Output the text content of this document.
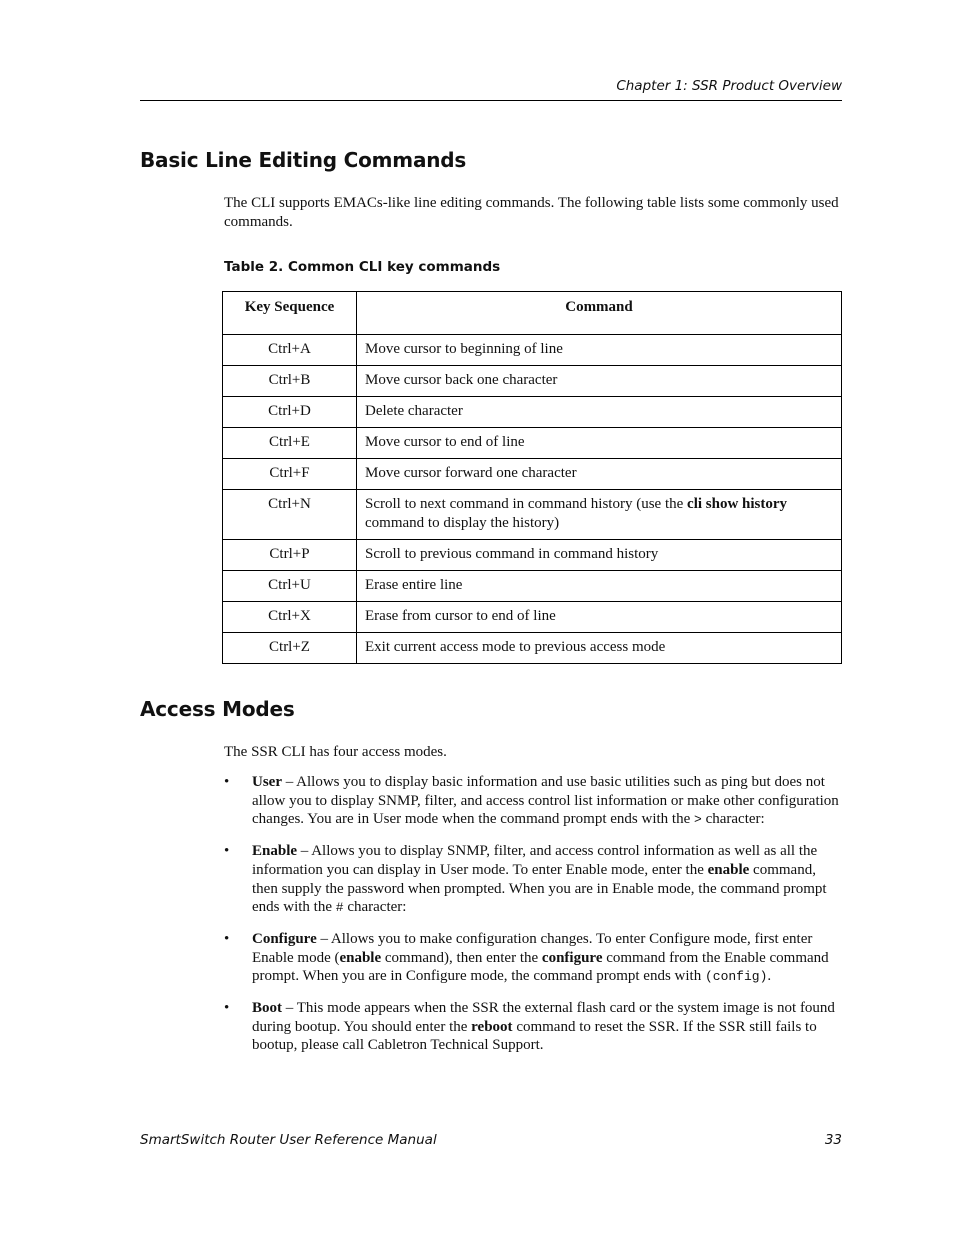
Chapter 1: SSR Product Overview
Basic Line Editing Commands

The CLI supports EMACs-like line editing commands. The following table lists some commonly used commands.

Table 2. Common CLI key commands
Key Sequence	Command
Ctrl+A	Move cursor to beginning of line
Ctrl+B	Move cursor back one character
Ctrl+D	Delete character
Ctrl+E	Move cursor to end of line
Ctrl+F	Move cursor forward one character
Ctrl+N	Scroll to next command in command history (use the cli show history command to display the history)
Ctrl+P	Scroll to previous command in command history
Ctrl+U	Erase entire line
Ctrl+X	Erase from cursor to end of line
Ctrl+Z	Exit current access mode to previous access mode
Access Modes

The SSR CLI has four access modes.

• User – Allows you to display basic information and use basic utilities such as ping but does not allow you to display SNMP, filter, and access control list information or make other configuration changes. You are in User mode when the command prompt ends with the > character:
• Enable – Allows you to display SNMP, filter, and access control information as well as all the information you can display in User mode. To enter Enable mode, enter the enable command, then supply the password when prompted. When you are in Enable mode, the command prompt ends with the # character:
• Configure – Allows you to make configuration changes. To enter Configure mode, first enter Enable mode (enable command), then enter the configure command from the Enable command prompt. When you are in Configure mode, the command prompt ends with (config).
• Boot – This mode appears when the SSR the external flash card or the system image is not found during bootup. You should enter the reboot command to reset the SSR. If the SSR still fails to bootup, please call Cabletron Technical Support.
SmartSwitch Router User Reference Manual	33
